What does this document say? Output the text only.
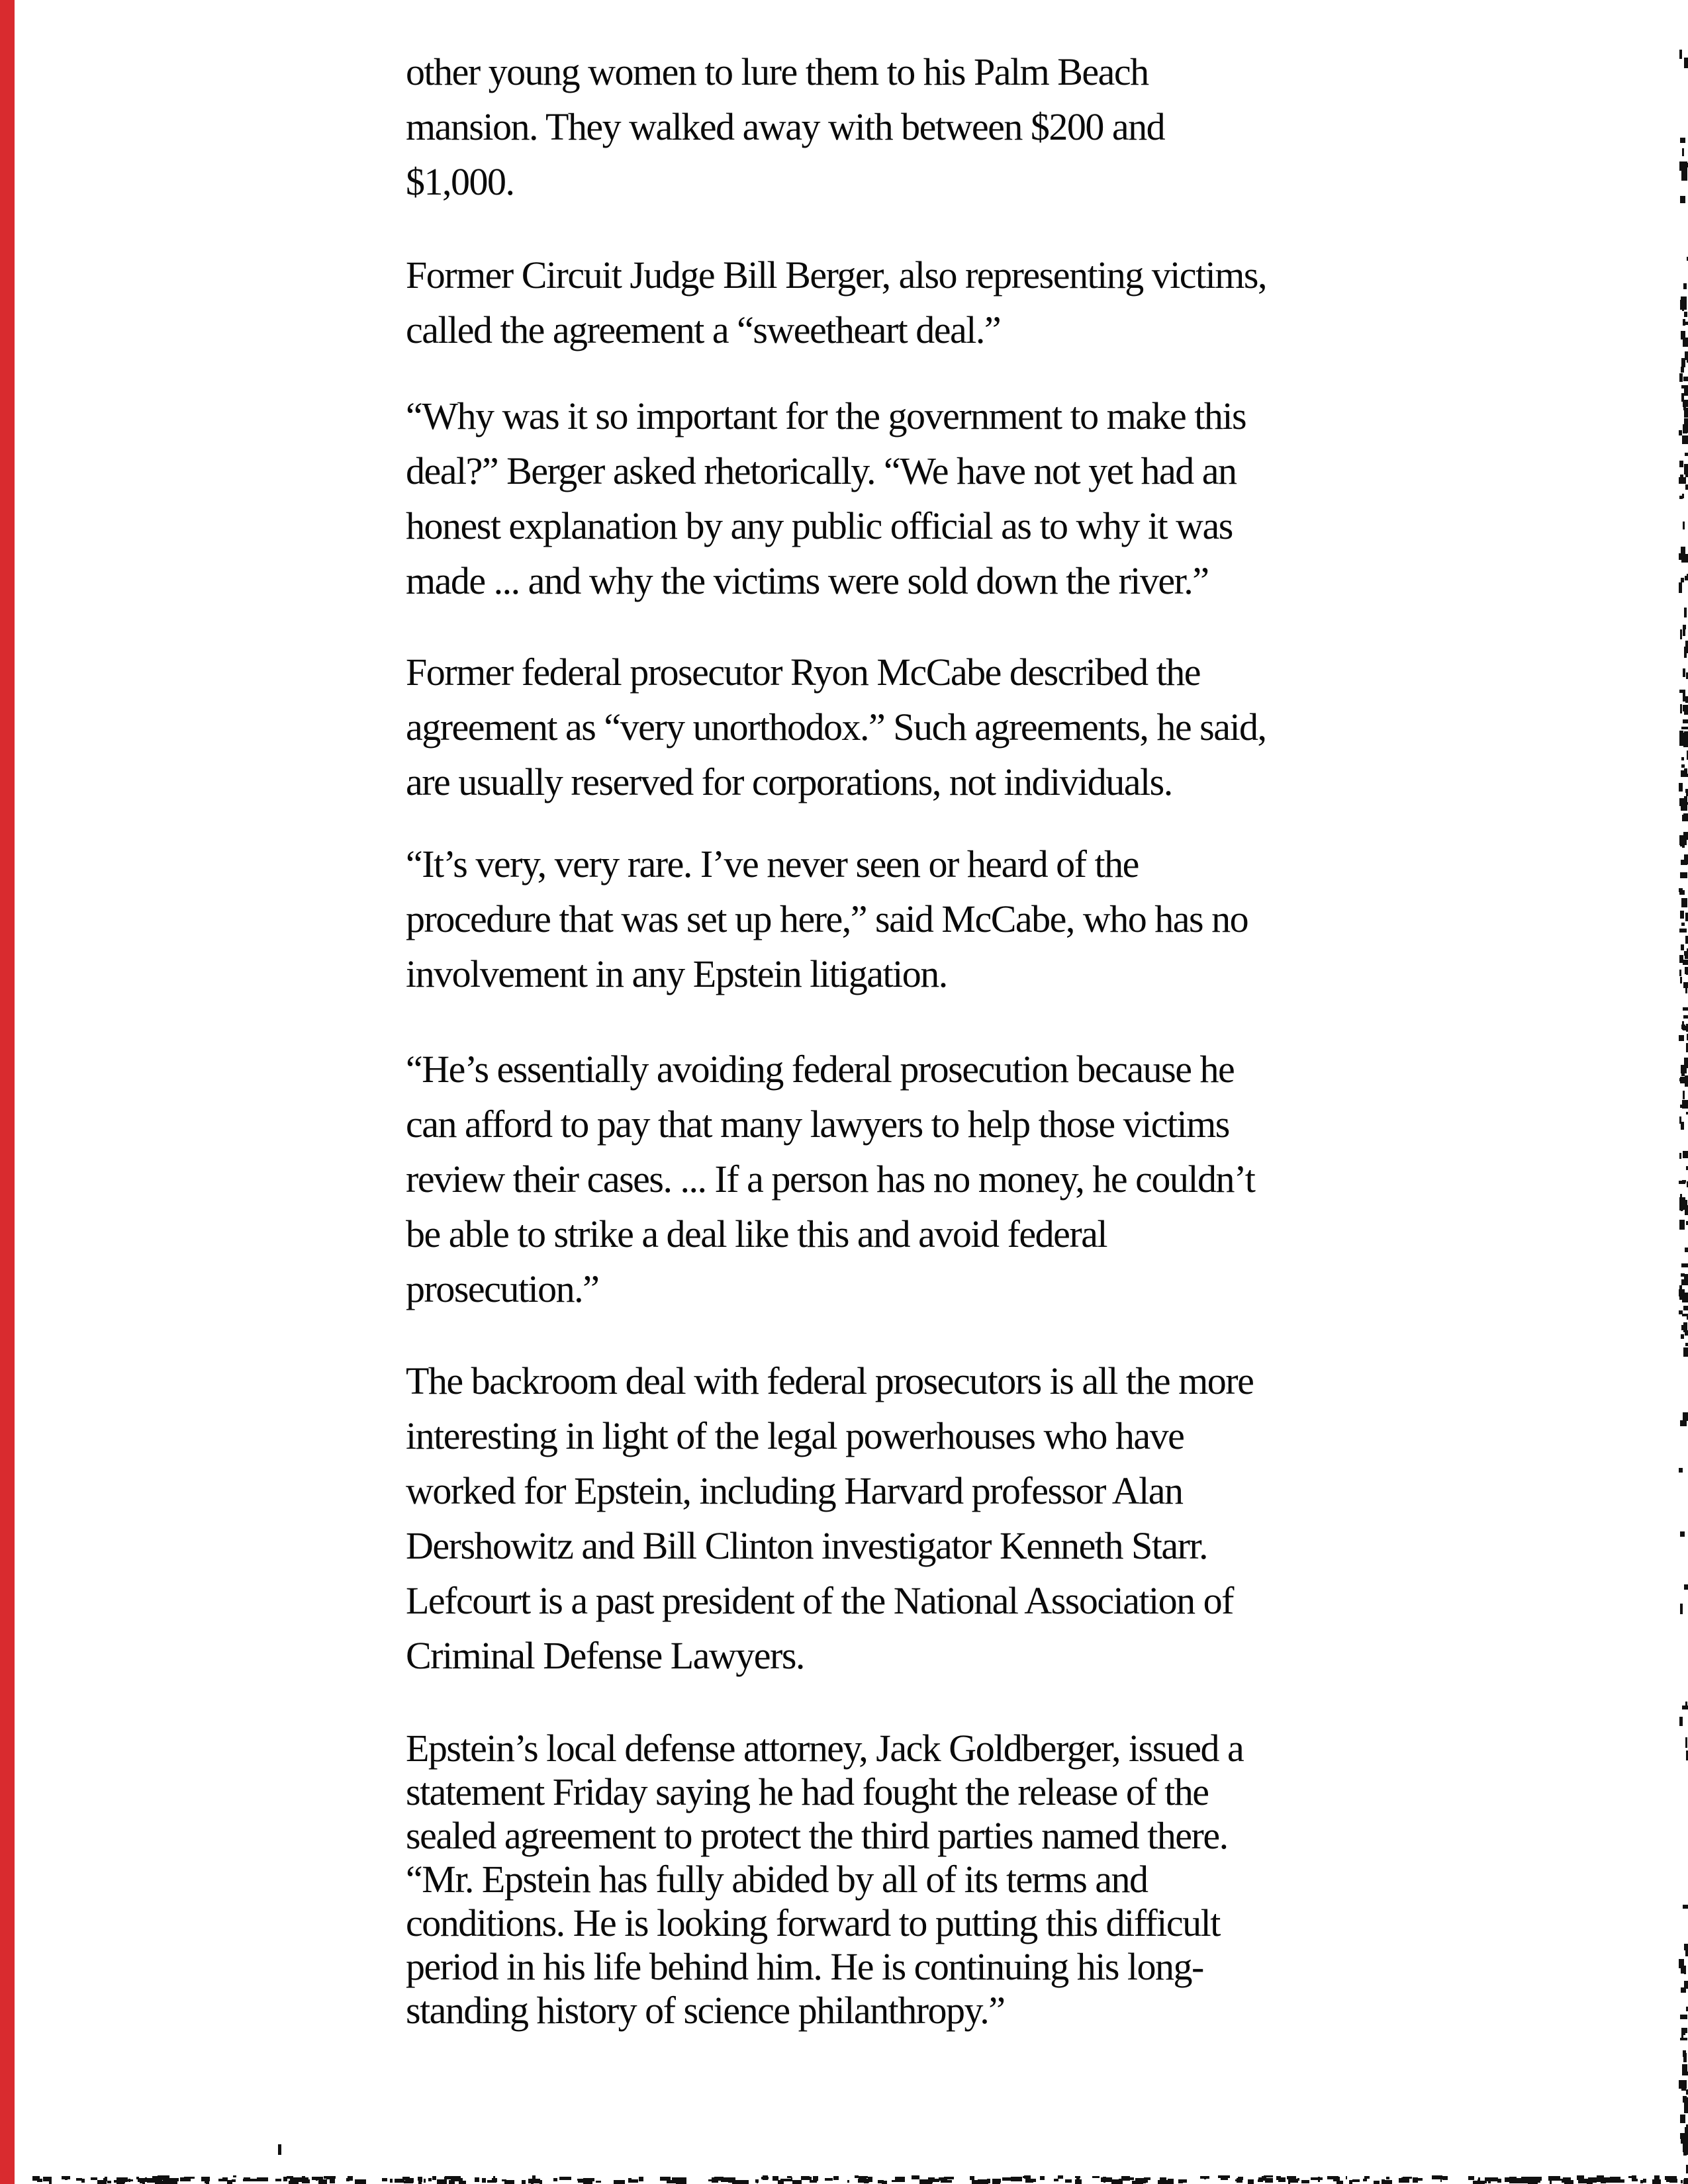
other young women to lure them to his Palm Beach
mansion. They walked away with between $200 and
$1,000.
Former Circuit Judge Bill Berger, also representing victims,
called the agreement a “sweetheart deal.”
“Why was it so important for the government to make this
deal?” Berger asked rhetorically. “We have not yet had an
honest explanation by any public official as to why it was
made ... and why the victims were sold down the river.”
Former federal prosecutor Ryon McCabe described the
agreement as “very unorthodox.” Such agreements, he said,
are usually reserved for corporations, not individuals.
“It’s very, very rare. I’ve never seen or heard of the
procedure that was set up here,” said McCabe, who has no
involvement in any Epstein litigation.
“He’s essentially avoiding federal prosecution because he
can afford to pay that many lawyers to help those victims
review their cases. ... If a person has no money, he couldn’t
be able to strike a deal like this and avoid federal
prosecution.”
The backroom deal with federal prosecutors is all the more
interesting in light of the legal powerhouses who have
worked for Epstein, including Harvard professor Alan
Dershowitz and Bill Clinton investigator Kenneth Starr.
Lefcourt is a past president of the National Association of
Criminal Defense Lawyers.
Epstein’s local defense attorney, Jack Goldberger, issued a
statement Friday saying he had fought the release of the
sealed agreement to protect the third parties named there.
“Mr. Epstein has fully abided by all of its terms and
conditions. He is looking forward to putting this difficult
period in his life behind him. He is continuing his long-
standing history of science philanthropy.”
